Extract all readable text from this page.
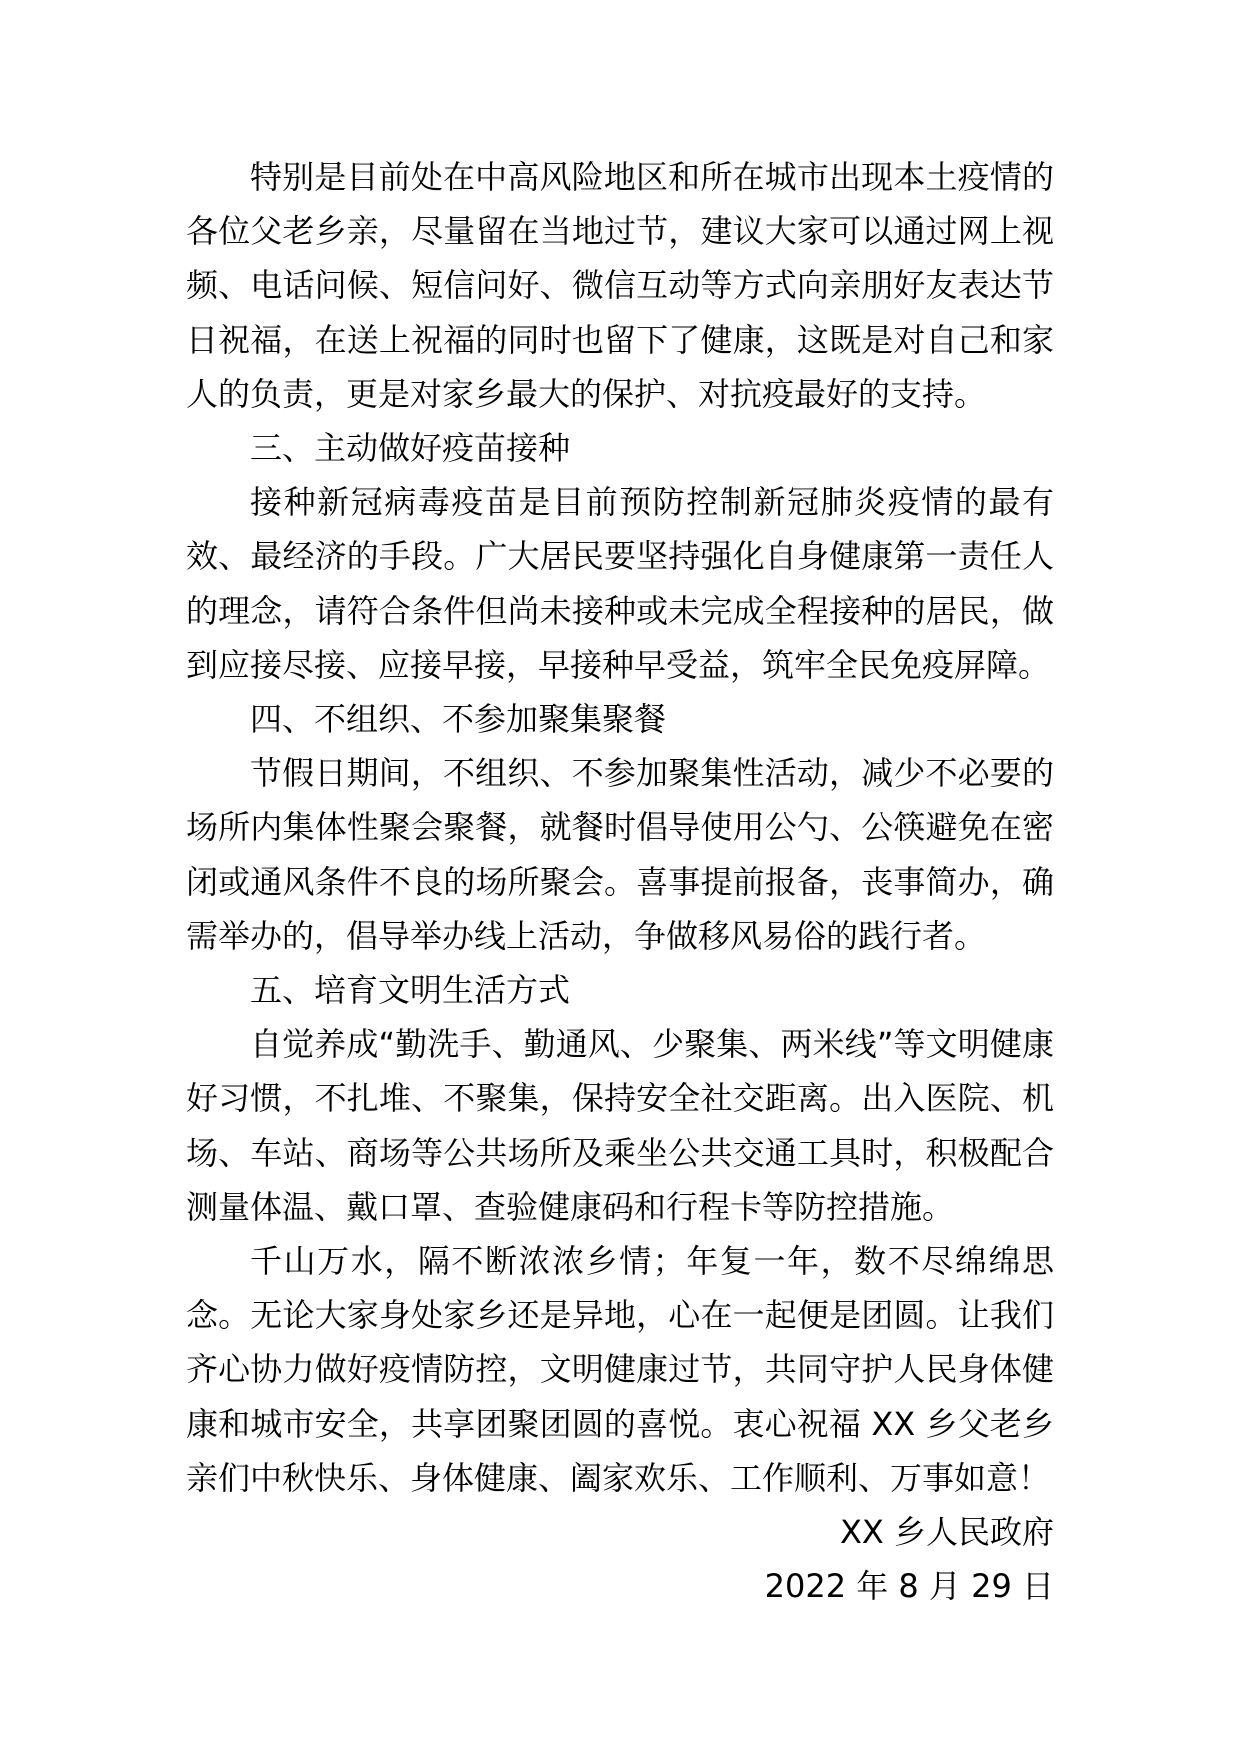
特别是目前处在中高风险地区和所在城市出现本土疫情的各位父老乡亲，尽量留在当地过节，建议大家可以通过网上视频、电话问候、短信问好、微信互动等方式向亲朋好友表达节日祝福，在送上祝福的同时也留下了健康，这既是对自己和家人的负责，更是对家乡最大的保护、对抗疫最好的支持。

三、主动做好疫苗接种

接种新冠病毒疫苗是目前预防控制新冠肺炎疫情的最有效、最经济的手段。广大居民要坚持强化自身健康第一责任人的理念，请符合条件但尚未接种或未完成全程接种的居民，做到应接尽接、应接早接，早接种早受益，筑牢全民免疫屏障。

四、不组织、不参加聚集聚餐

节假日期间，不组织、不参加聚集性活动，减少不必要的场所内集体性聚会聚餐，就餐时倡导使用公勺、公筷避免在密闭或通风条件不良的场所聚会。喜事提前报备，丧事简办，确需举办的，倡导举办线上活动，争做移风易俗的践行者。

五、培育文明生活方式

自觉养成“勤洗手、勤通风、少聚集、两米线”等文明健康好习惯，不扎堆、不聚集，保持安全社交距离。出入医院、机场、车站、商场等公共场所及乘坐公共交通工具时，积极配合测量体温、戴口罩、查验健康码和行程卡等防控措施。

千山万水，隔不断浓浓乡情；年复一年，数不尽绵绵思念。无论大家身处家乡还是异地，心在一起便是团圆。让我们齐心协力做好疫情防控，文明健康过节，共同守护人民身体健康和城市安全，共享团聚团圆的喜悦。衷心祝福 XX 乡父老乡亲们中秋快乐、身体健康、阖家欢乐、工作顺利、万事如意！

XX 乡人民政府

2022 年 8 月 29 日
